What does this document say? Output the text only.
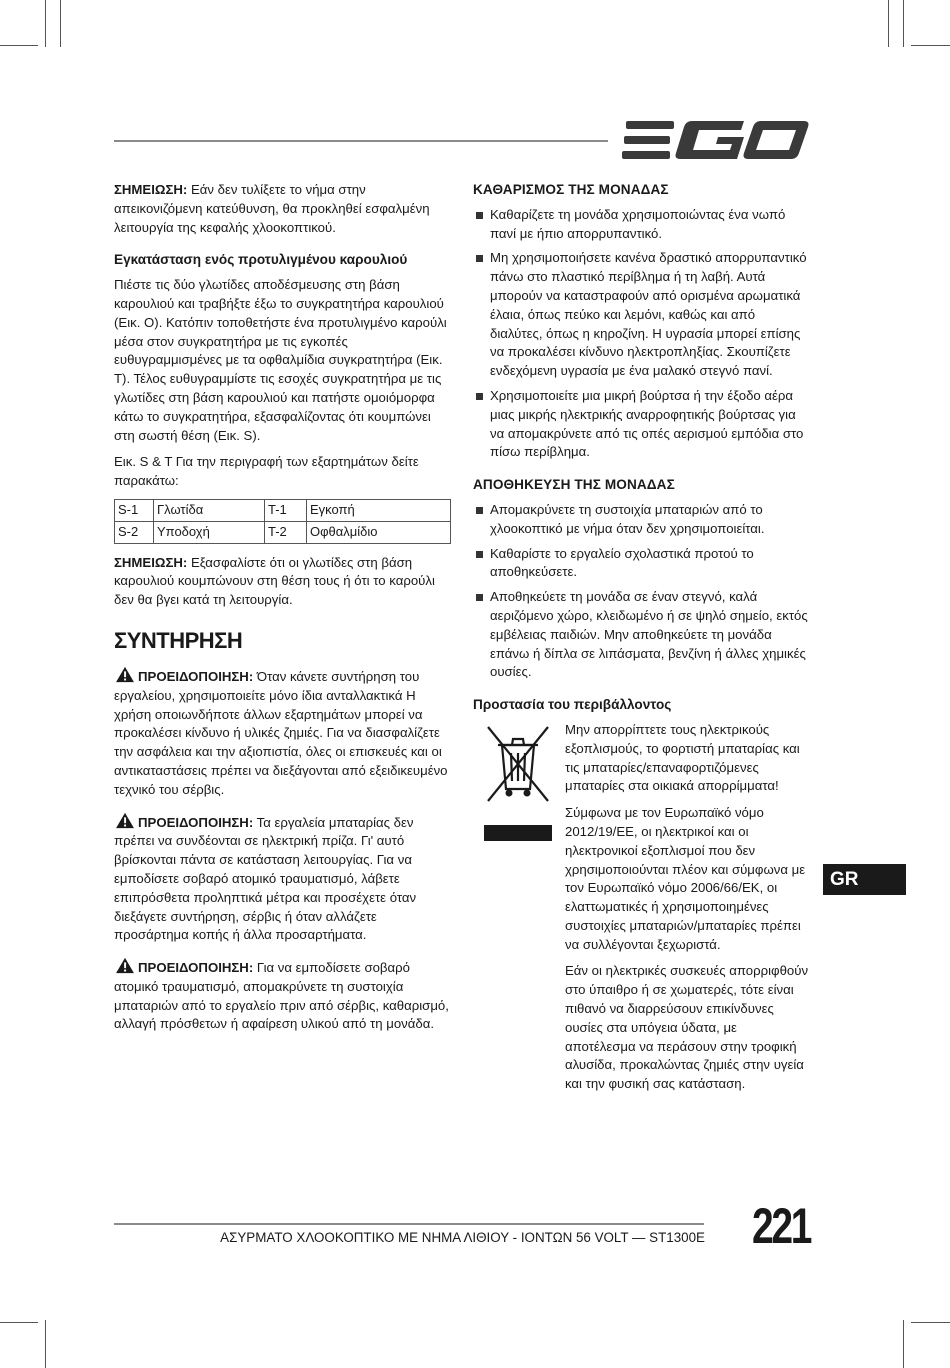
ΣΗΜΕΙΩΣΗ: Εάν δεν τυλίξετε το νήμα στην απεικονιζόμενη κατεύθυνση, θα προκληθεί εσφαλμένη λειτουργία της κεφαλής χλοοκοπτικού.

Εγκατάσταση ενός προτυλιγμένου καρουλιού

Πιέστε τις δύο γλωτίδες αποδέσμευσης στη βάση καρουλιού και τραβήξτε έξω το συγκρατητήρα καρουλιού (Εικ. O). Κατόπιν τοποθετήστε ένα προτυλιγμένο καρούλι μέσα στον συγκρατητήρα με τις εγκοπές ευθυγραμμισμένες με τα οφθαλμίδια συγκρατητήρα (Εικ. T). Τέλος ευθυγραμμίστε τις εσοχές συγκρατητήρα με τις γλωτίδες στη βάση καρουλιού και πατήστε ομοιόμορφα κάτω το συγκρατητήρα, εξασφαλίζοντας ότι κουμπώνει στη σωστή θέση (Εικ. S).

Εικ. S & T Για την περιγραφή των εξαρτημάτων δείτε παρακάτω:

S-1	Γλωτίδα	T-1	Εγκοπή
S-2	Υποδοχή	T-2	Οφθαλμίδιο

ΣΗΜΕΙΩΣΗ: Εξασφαλίστε ότι οι γλωτίδες στη βάση καρουλιού κουμπώνουν στη θέση τους ή ότι το καρούλι δεν θα βγει κατά τη λειτουργία.

ΣΥΝΤΗΡΗΣΗ

ΠΡΟΕΙΔΟΠΟΙΗΣΗ: Όταν κάνετε συντήρηση του εργαλείου, χρησιμοποιείτε μόνο ίδια ανταλλακτικά Η χρήση οποιωνδήποτε άλλων εξαρτημάτων μπορεί να προκαλέσει κίνδυνο ή υλικές ζημιές. Για να διασφαλίζετε την ασφάλεια και την αξιοπιστία, όλες οι επισκευές και οι αντικαταστάσεις πρέπει να διεξάγονται από εξειδικευμένο τεχνικό του σέρβις.

ΠΡΟΕΙΔΟΠΟΙΗΣΗ: Τα εργαλεία μπαταρίας δεν πρέπει να συνδέονται σε ηλεκτρική πρίζα. Γι' αυτό βρίσκονται πάντα σε κατάσταση λειτουργίας. Για να εμποδίσετε σοβαρό ατομικό τραυματισμό, λάβετε επιπρόσθετα προληπτικά μέτρα και προσέχετε όταν διεξάγετε συντήρηση, σέρβις ή όταν αλλάζετε προσάρτημα κοπής ή άλλα προσαρτήματα.

ΠΡΟΕΙΔΟΠΟΙΗΣΗ: Για να εμποδίσετε σοβαρό ατομικό τραυματισμό, απομακρύνετε τη συστοιχία μπαταριών από το εργαλείο πριν από σέρβις, καθαρισμό, αλλαγή πρόσθετων ή αφαίρεση υλικού από τη μονάδα.

ΚΑΘΑΡΙΣΜΟΣ ΤΗΣ ΜΟΝΑΔΑΣ

Καθαρίζετε τη μονάδα χρησιμοποιώντας ένα νωπό πανί με ήπιο απορρυπαντικό.
Μη χρησιμοποιήσετε κανένα δραστικό απορρυπαντικό πάνω στο πλαστικό περίβλημα ή τη λαβή. Αυτά μπορούν να καταστραφούν από ορισμένα αρωματικά έλαια, όπως πεύκο και λεμόνι, καθώς και από διαλύτες, όπως η κηροζίνη. Η υγρασία μπορεί επίσης να προκαλέσει κίνδυνο ηλεκτροπληξίας. Σκουπίζετε ενδεχόμενη υγρασία με ένα μαλακό στεγνό πανί.
Χρησιμοποιείτε μια μικρή βούρτσα ή την έξοδο αέρα μιας μικρής ηλεκτρικής αναρροφητικής βούρτσας για να απομακρύνετε από τις οπές αερισμού εμπόδια στο πίσω περίβλημα.

ΑΠΟΘΗΚΕΥΣΗ ΤΗΣ ΜΟΝΑΔΑΣ

Απομακρύνετε τη συστοιχία μπαταριών από το χλοοκοπτικό με νήμα όταν δεν χρησιμοποιείται.
Καθαρίστε το εργαλείο σχολαστικά προτού το αποθηκεύσετε.
Αποθηκεύετε τη μονάδα σε έναν στεγνό, καλά αεριζόμενο χώρο, κλειδωμένο ή σε ψηλό σημείο, εκτός εμβέλειας παιδιών. Μην αποθηκεύετε τη μονάδα επάνω ή δίπλα σε λιπάσματα, βενζίνη ή άλλες χημικές ουσίες.

Προστασία του περιβάλλοντος

Μην απορρίπτετε τους ηλεκτρικούς εξοπλισμούς, το φορτιστή μπαταρίας και τις μπαταρίες/επαναφορτιζόμενες μπαταρίες στα οικιακά απορρίμματα!

Σύμφωνα με τον Ευρωπαϊκό νόμο 2012/19/ΕΕ, οι ηλεκτρικοί και οι ηλεκτρονικοί εξοπλισμοί που δεν χρησιμοποιούνται πλέον και σύμφωνα με τον Ευρωπαϊκό νόμο 2006/66/ΕΚ, οι ελαττωματικές ή χρησιμοποιημένες συστοιχίες μπαταριών/μπαταρίες πρέπει να συλλέγονται ξεχωριστά.

Εάν οι ηλεκτρικές συσκευές απορριφθούν στο ύπαιθρο ή σε χωματερές, τότε είναι πιθανό να διαρρεύσουν επικίνδυνες ουσίες στα υπόγεια ύδατα, με αποτέλεσμα να περάσουν στην τροφική αλυσίδα, προκαλώντας ζημιές στην υγεία και την φυσική σας κατάσταση.

GR
ΑΣΥΡΜΑΤΟ ΧΛΟΟΚΟΠΤΙΚΟ ΜΕ ΝΗΜΑ ΛΙΘΙΟΥ - ΙΟΝΤΩΝ 56 VOLT — ST1300E 221
